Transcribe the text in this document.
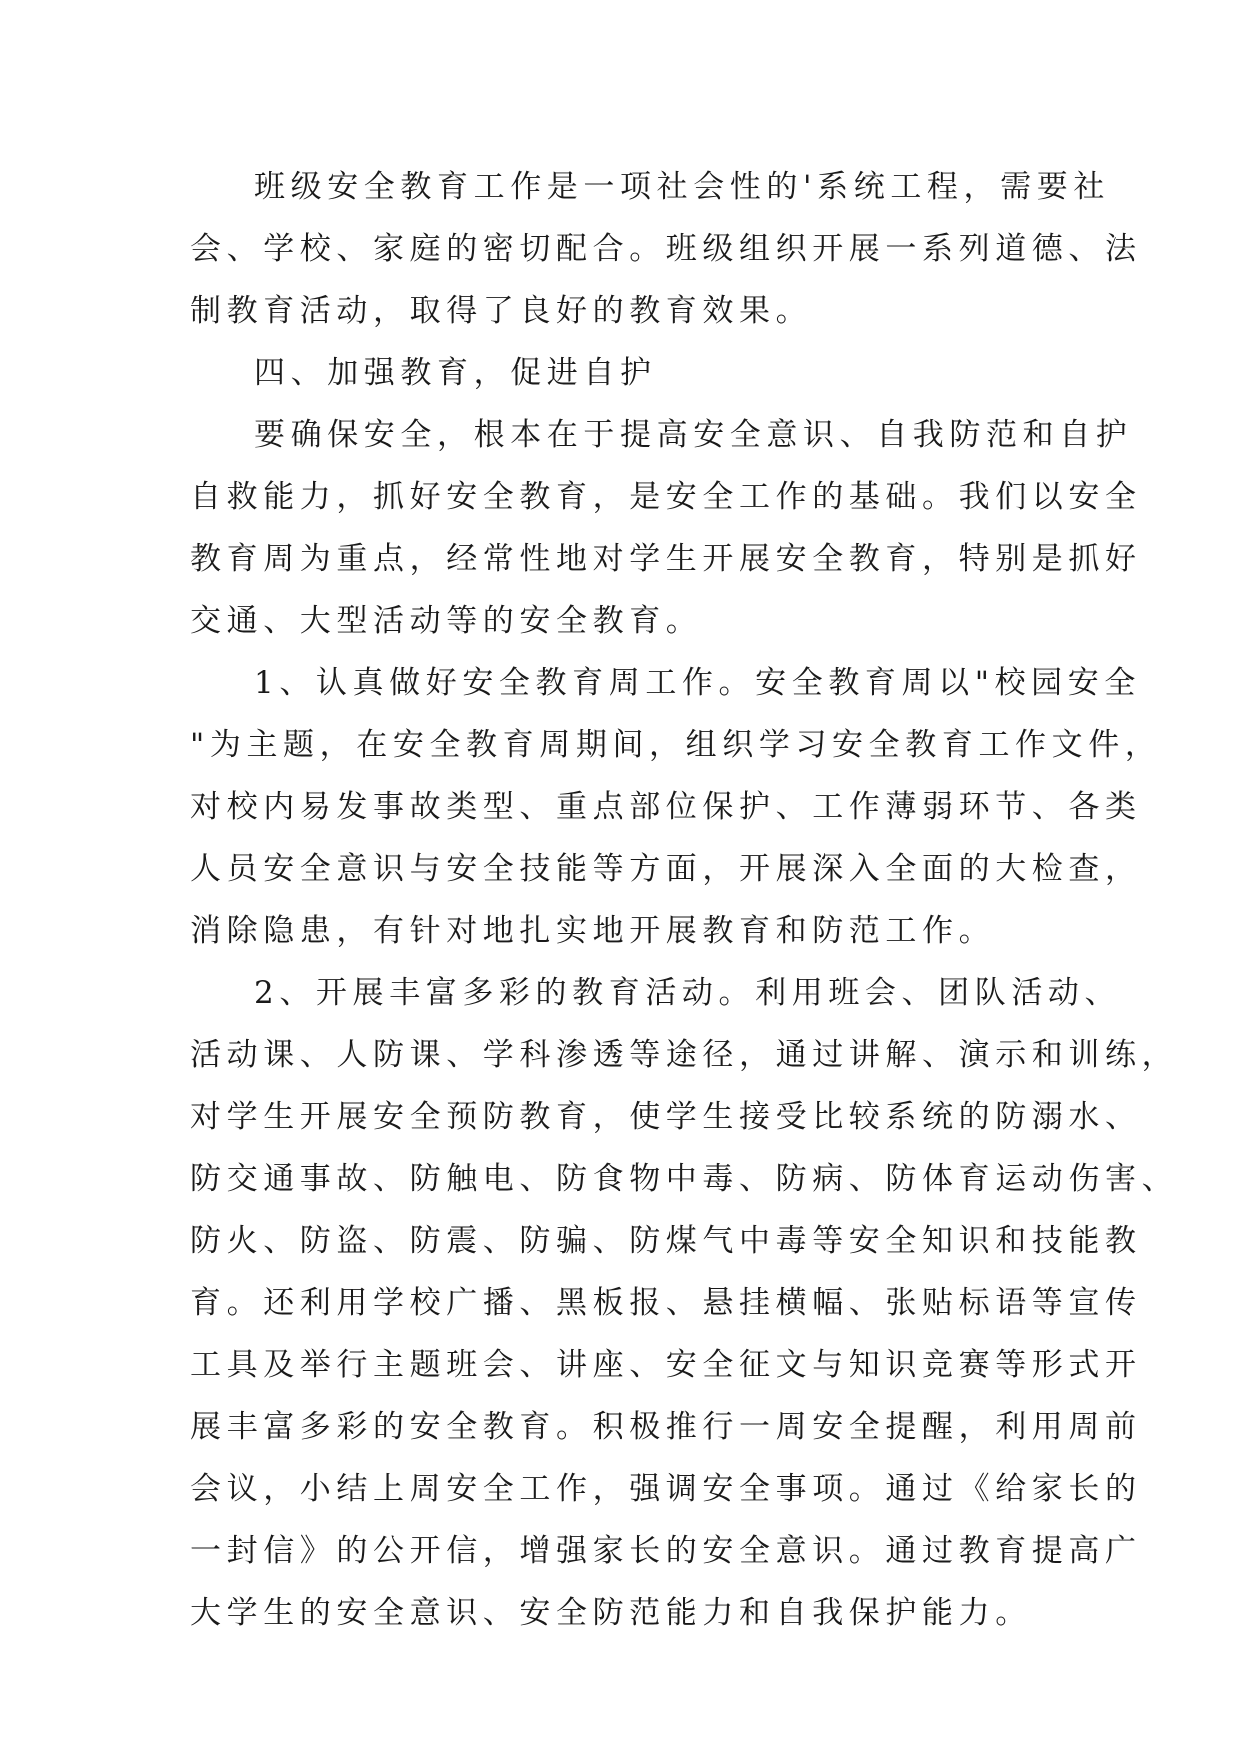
班级安全教育工作是一项社会性的'系统工程，需要社
会、学校、家庭的密切配合。班级组织开展一系列道德、法
制教育活动，取得了良好的教育效果。
四、加强教育，促进自护
要确保安全，根本在于提高安全意识、自我防范和自护
自救能力，抓好安全教育，是安全工作的基础。我们以安全
教育周为重点，经常性地对学生开展安全教育，特别是抓好
交通、大型活动等的安全教育。
1、认真做好安全教育周工作。安全教育周以"校园安全
"为主题，在安全教育周期间，组织学习安全教育工作文件，
对校内易发事故类型、重点部位保护、工作薄弱环节、各类
人员安全意识与安全技能等方面，开展深入全面的大检查，
消除隐患，有针对地扎实地开展教育和防范工作。
2、开展丰富多彩的教育活动。利用班会、团队活动、
活动课、人防课、学科渗透等途径，通过讲解、演示和训练，
对学生开展安全预防教育，使学生接受比较系统的防溺水、
防交通事故、防触电、防食物中毒、防病、防体育运动伤害、
防火、防盗、防震、防骗、防煤气中毒等安全知识和技能教
育。还利用学校广播、黑板报、悬挂横幅、张贴标语等宣传
工具及举行主题班会、讲座、安全征文与知识竞赛等形式开
展丰富多彩的安全教育。积极推行一周安全提醒，利用周前
会议，小结上周安全工作，强调安全事项。通过《给家长的
一封信》的公开信，增强家长的安全意识。通过教育提高广
大学生的安全意识、安全防范能力和自我保护能力。
